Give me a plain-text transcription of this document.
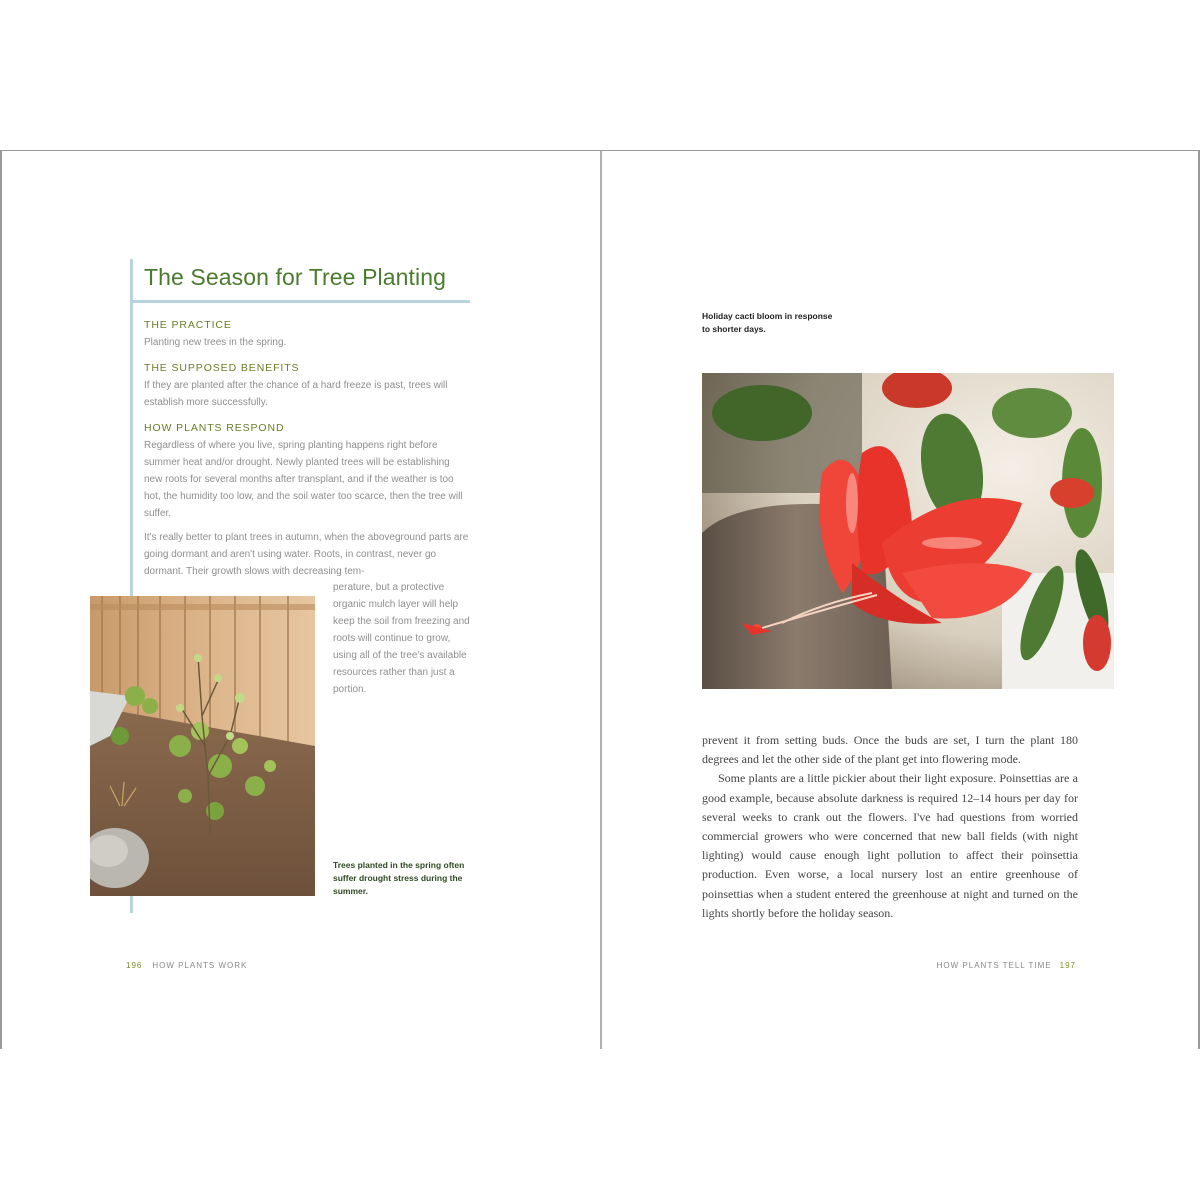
The Season for Tree Planting

THE PRACTICE

Planting new trees in the spring.

THE SUPPOSED BENEFITS

If they are planted after the chance of a hard freeze is past, trees will establish more successfully.

HOW PLANTS RESPOND

Regardless of where you live, spring planting happens right before summer heat and/or drought. Newly planted trees will be establishing new roots for several months after transplant, and if the weather is too hot, the humidity too low, and the soil water too scarce, then the tree will suffer.

It's really better to plant trees in autumn, when the aboveground parts are going dormant and aren't using water. Roots, in contrast, never go dormant. Their growth slows with decreasing tem-

perature, but a protective organic mulch layer will help keep the soil from freezing and roots will continue to grow, using all of the tree's available resources rather than just a portion.

Trees planted in the spring often suffer drought stress during the summer.

196 HOW PLANTS WORK

Holiday cacti bloom in response to shorter days.

prevent it from setting buds. Once the buds are set, I turn the plant 180 degrees and let the other side of the plant get into flowering mode.

Some plants are a little pickier about their light exposure. Poinsettias are a good example, because absolute darkness is required 12–14 hours per day for several weeks to crank out the flowers. I've had questions from worried commercial growers who were concerned that new ball fields (with night lighting) would cause enough light pollution to affect their poinsettia production. Even worse, a local nursery lost an entire greenhouse of poinsettias when a student entered the greenhouse at night and turned on the lights shortly before the holiday season.

HOW PLANTS TELL TIME 197
